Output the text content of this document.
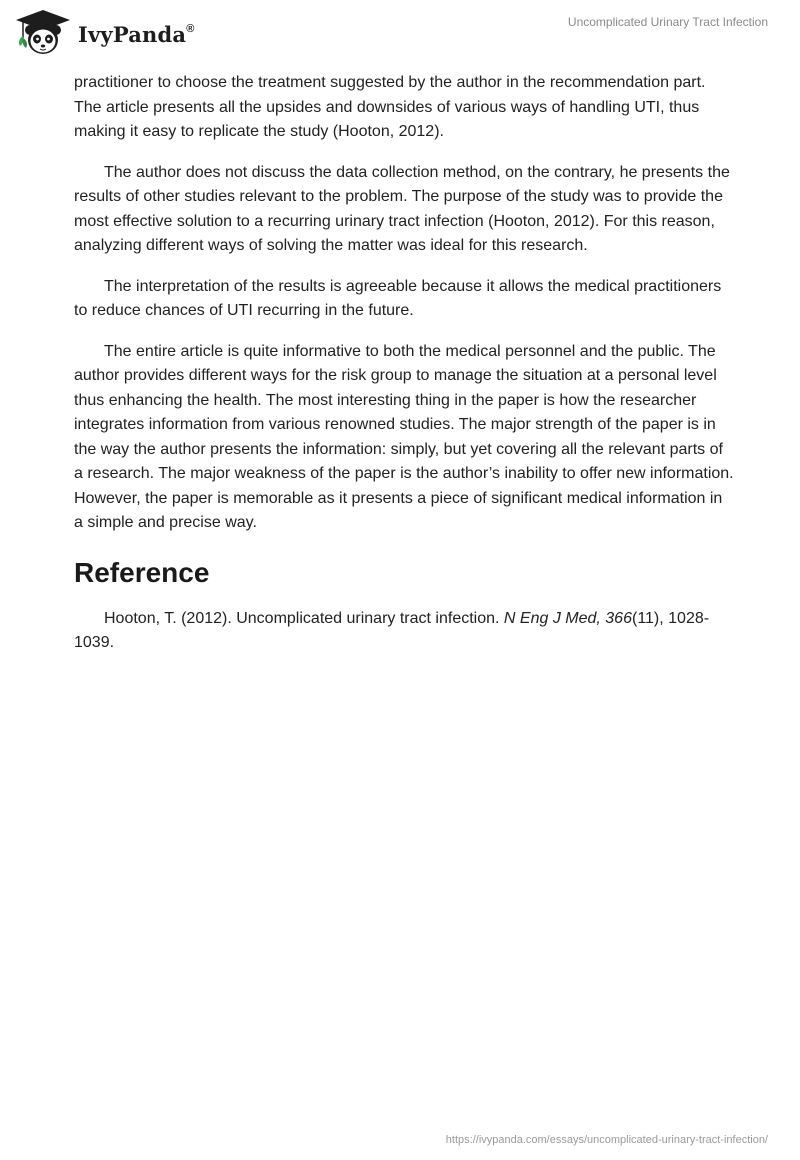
IvyPanda®	Uncomplicated Urinary Tract Infection

practitioner to choose the treatment suggested by the author in the recommendation part. The article presents all the upsides and downsides of various ways of handling UTI, thus making it easy to replicate the study (Hooton, 2012).

The author does not discuss the data collection method, on the contrary, he presents the results of other studies relevant to the problem. The purpose of the study was to provide the most effective solution to a recurring urinary tract infection (Hooton, 2012). For this reason, analyzing different ways of solving the matter was ideal for this research.

The interpretation of the results is agreeable because it allows the medical practitioners to reduce chances of UTI recurring in the future.

The entire article is quite informative to both the medical personnel and the public. The author provides different ways for the risk group to manage the situation at a personal level thus enhancing the health. The most interesting thing in the paper is how the researcher integrates information from various renowned studies. The major strength of the paper is in the way the author presents the information: simply, but yet covering all the relevant parts of a research. The major weakness of the paper is the author’s inability to offer new information. However, the paper is memorable as it presents a piece of significant medical information in a simple and precise way.

Reference

Hooton, T. (2012). Uncomplicated urinary tract infection. N Eng J Med, 366(11), 1028- 1039.

https://ivypanda.com/essays/uncomplicated-urinary-tract-infection/
